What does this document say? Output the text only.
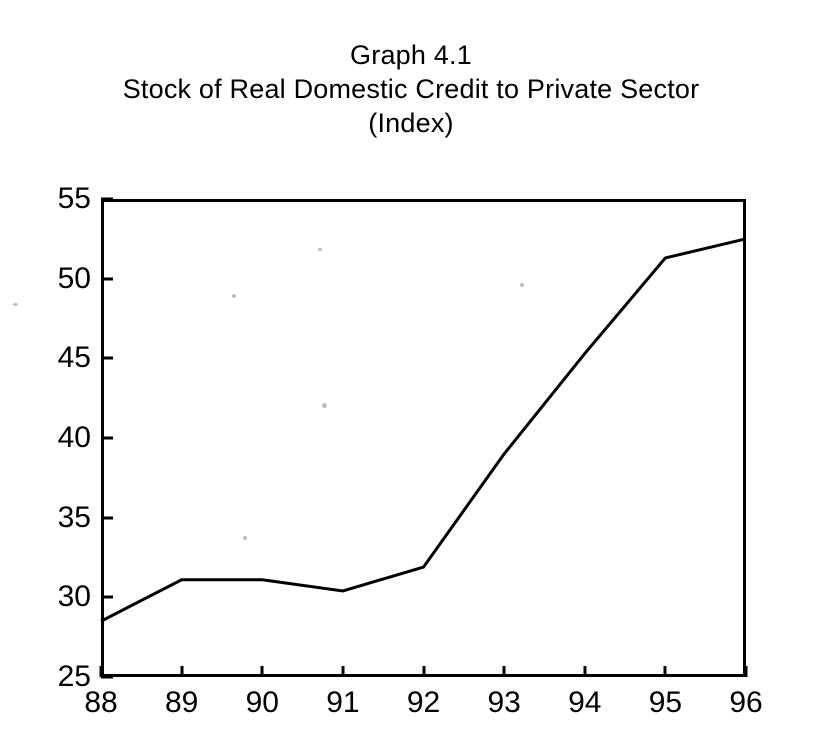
Graph 4.1
Stock of Real Domestic Credit to Private Sector
(Index)
55
50
45
40
35
30
25
88 89 90 91 92 93 94 95 96
